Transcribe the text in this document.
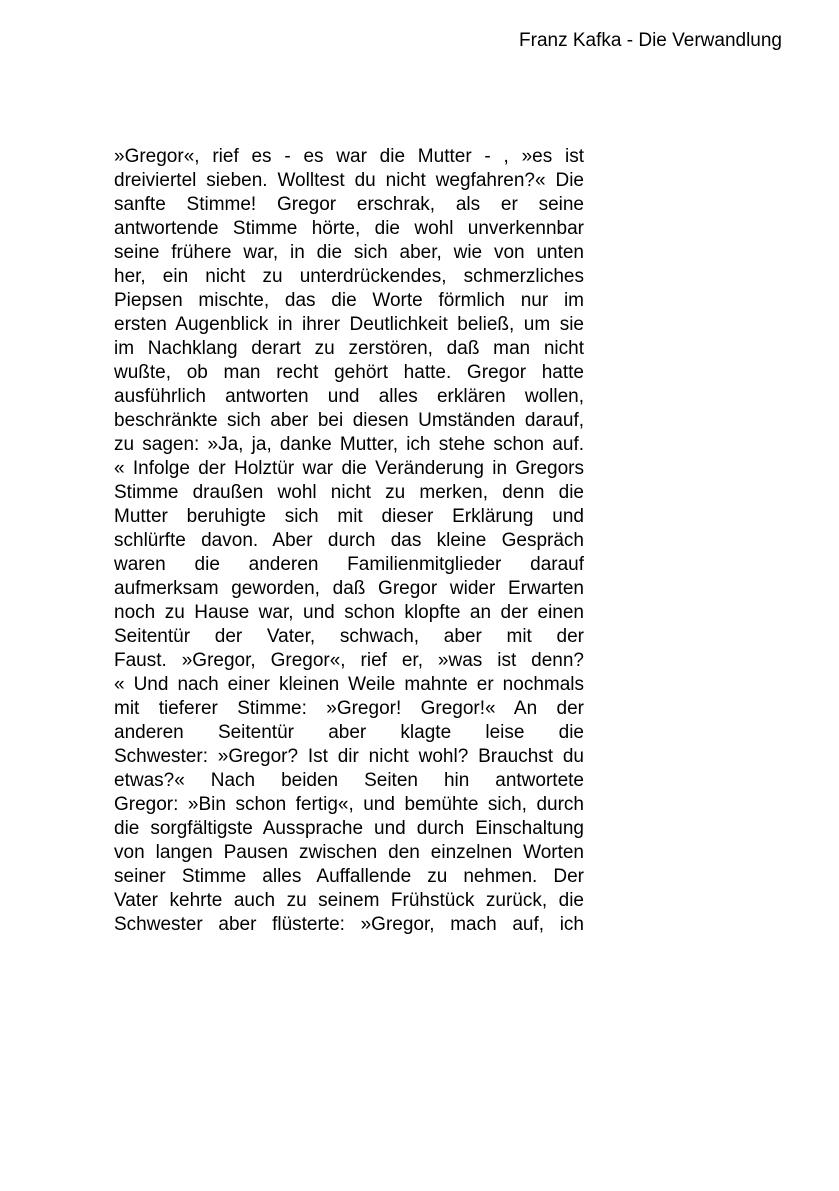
Franz Kafka - Die Verwandlung
»Gregor«, rief es - es war die Mutter - , »es ist
dreiviertel sieben. Wolltest du nicht wegfahren?« Die
sanfte Stimme! Gregor erschrak, als er seine
antwortende Stimme hörte, die wohl unverkennbar
seine frühere war, in die sich aber, wie von unten
her, ein nicht zu unterdrückendes, schmerzliches
Piepsen mischte, das die Worte förmlich nur im
ersten Augenblick in ihrer Deutlichkeit beließ, um sie
im Nachklang derart zu zerstören, daß man nicht
wußte, ob man recht gehört hatte. Gregor hatte
ausführlich antworten und alles erklären wollen,
beschränkte sich aber bei diesen Umständen darauf,
zu sagen: »Ja, ja, danke Mutter, ich stehe schon auf.
« Infolge der Holztür war die Veränderung in Gregors
Stimme draußen wohl nicht zu merken, denn die
Mutter beruhigte sich mit dieser Erklärung und
schlürfte davon. Aber durch das kleine Gespräch
waren die anderen Familienmitglieder darauf
aufmerksam geworden, daß Gregor wider Erwarten
noch zu Hause war, und schon klopfte an der einen
Seitentür der Vater, schwach, aber mit der
Faust. »Gregor, Gregor«, rief er, »was ist denn?
« Und nach einer kleinen Weile mahnte er nochmals
mit tieferer Stimme: »Gregor! Gregor!« An der
anderen Seitentür aber klagte leise die
Schwester: »Gregor? Ist dir nicht wohl? Brauchst du
etwas?« Nach beiden Seiten hin antwortete
Gregor: »Bin schon fertig«, und bemühte sich, durch
die sorgfältigste Aussprache und durch Einschaltung
von langen Pausen zwischen den einzelnen Worten
seiner Stimme alles Auffallende zu nehmen. Der
Vater kehrte auch zu seinem Frühstück zurück, die
Schwester aber flüsterte: »Gregor, mach auf, ich
